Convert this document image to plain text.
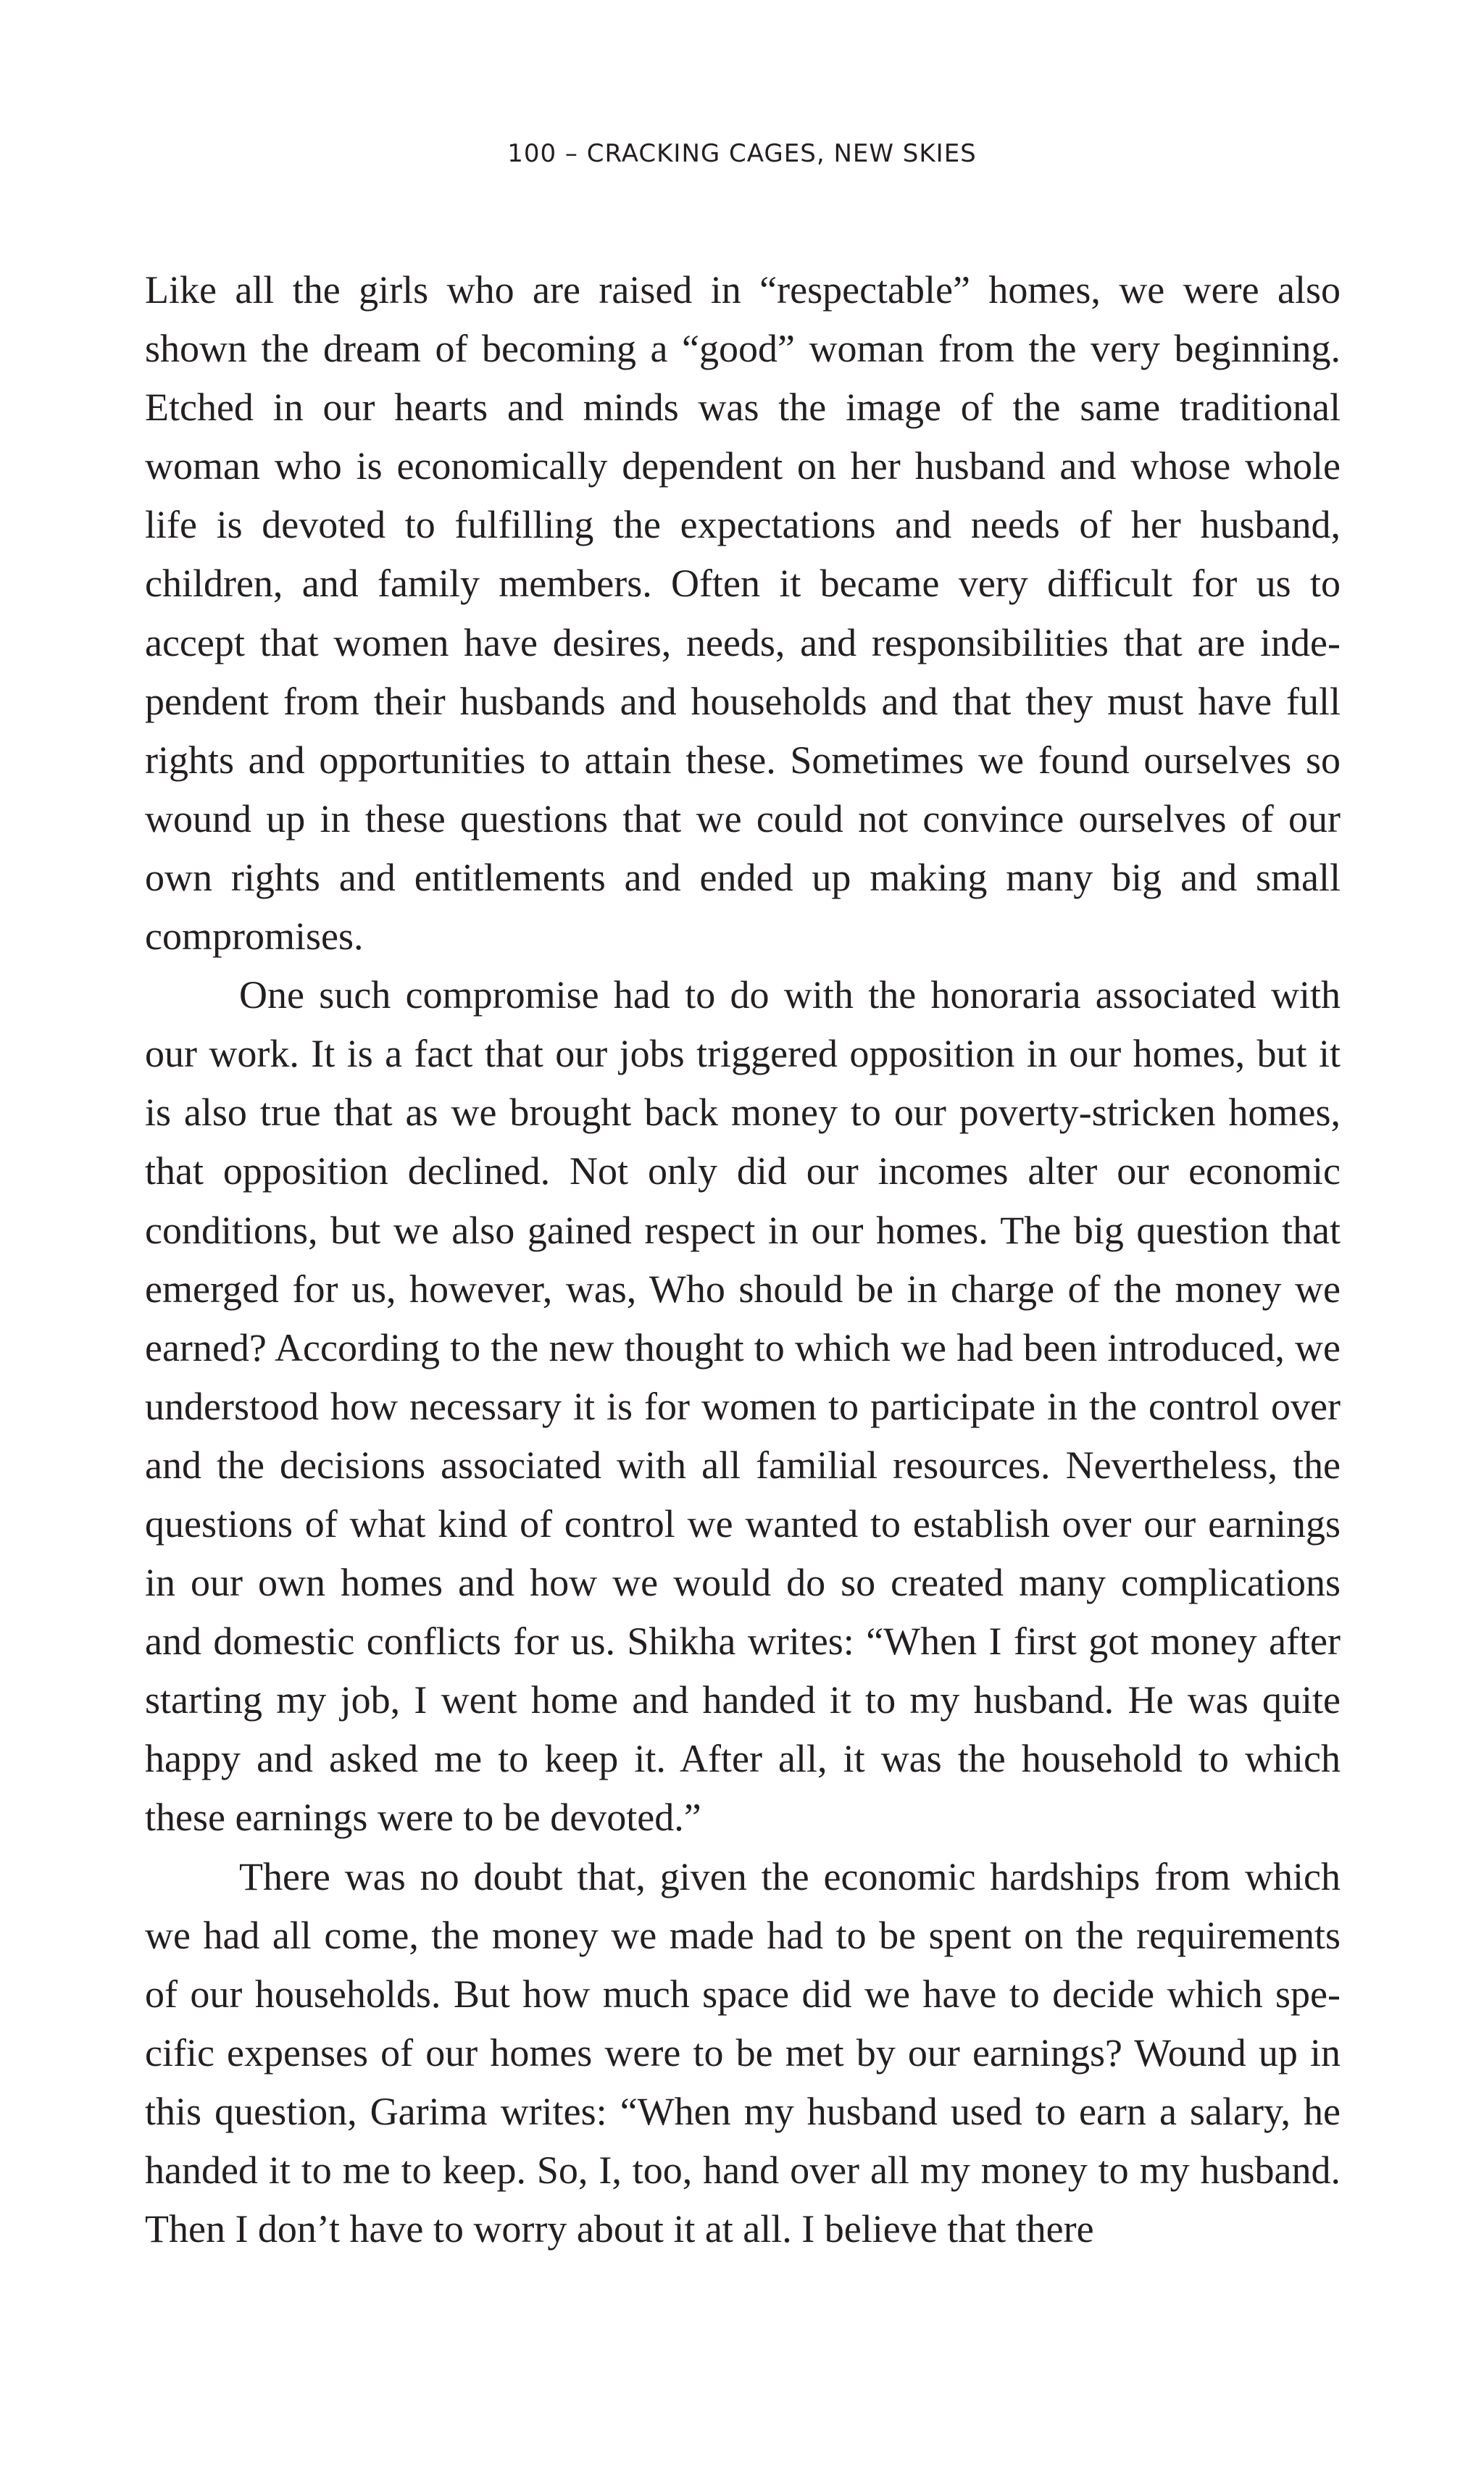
100 – CRACKING CAGES, NEW SKIES

Like all the girls who are raised in “respectable” homes, we were also shown the dream of becoming a “good” woman from the very beginning. Etched in our hearts and minds was the image of the same traditional woman who is economically dependent on her husband and whose whole life is devoted to fulfilling the expectations and needs of her husband, children, and family members. Often it became very difficult for us to accept that women have desires, needs, and responsibilities that are independent from their husbands and households and that they must have full rights and opportunities to attain these. Sometimes we found ourselves so wound up in these questions that we could not convince ourselves of our own rights and entitlements and ended up making many big and small compromises.

One such compromise had to do with the honoraria associated with our work. It is a fact that our jobs triggered opposition in our homes, but it is also true that as we brought back money to our poverty-stricken homes, that opposition declined. Not only did our incomes alter our economic conditions, but we also gained respect in our homes. The big question that emerged for us, however, was, Who should be in charge of the money we earned? According to the new thought to which we had been introduced, we understood how necessary it is for women to participate in the control over and the decisions associated with all familial resources. Nevertheless, the questions of what kind of control we wanted to establish over our earnings in our own homes and how we would do so created many complications and domestic conflicts for us. Shikha writes: “When I first got money after starting my job, I went home and handed it to my husband. He was quite happy and asked me to keep it. After all, it was the household to which these earnings were to be devoted.”

There was no doubt that, given the economic hardships from which we had all come, the money we made had to be spent on the requirements of our households. But how much space did we have to decide which specific expenses of our homes were to be met by our earnings? Wound up in this question, Garima writes: “When my husband used to earn a salary, he handed it to me to keep. So, I, too, hand over all my money to my husband. Then I don’t have to worry about it at all. I believe that there
